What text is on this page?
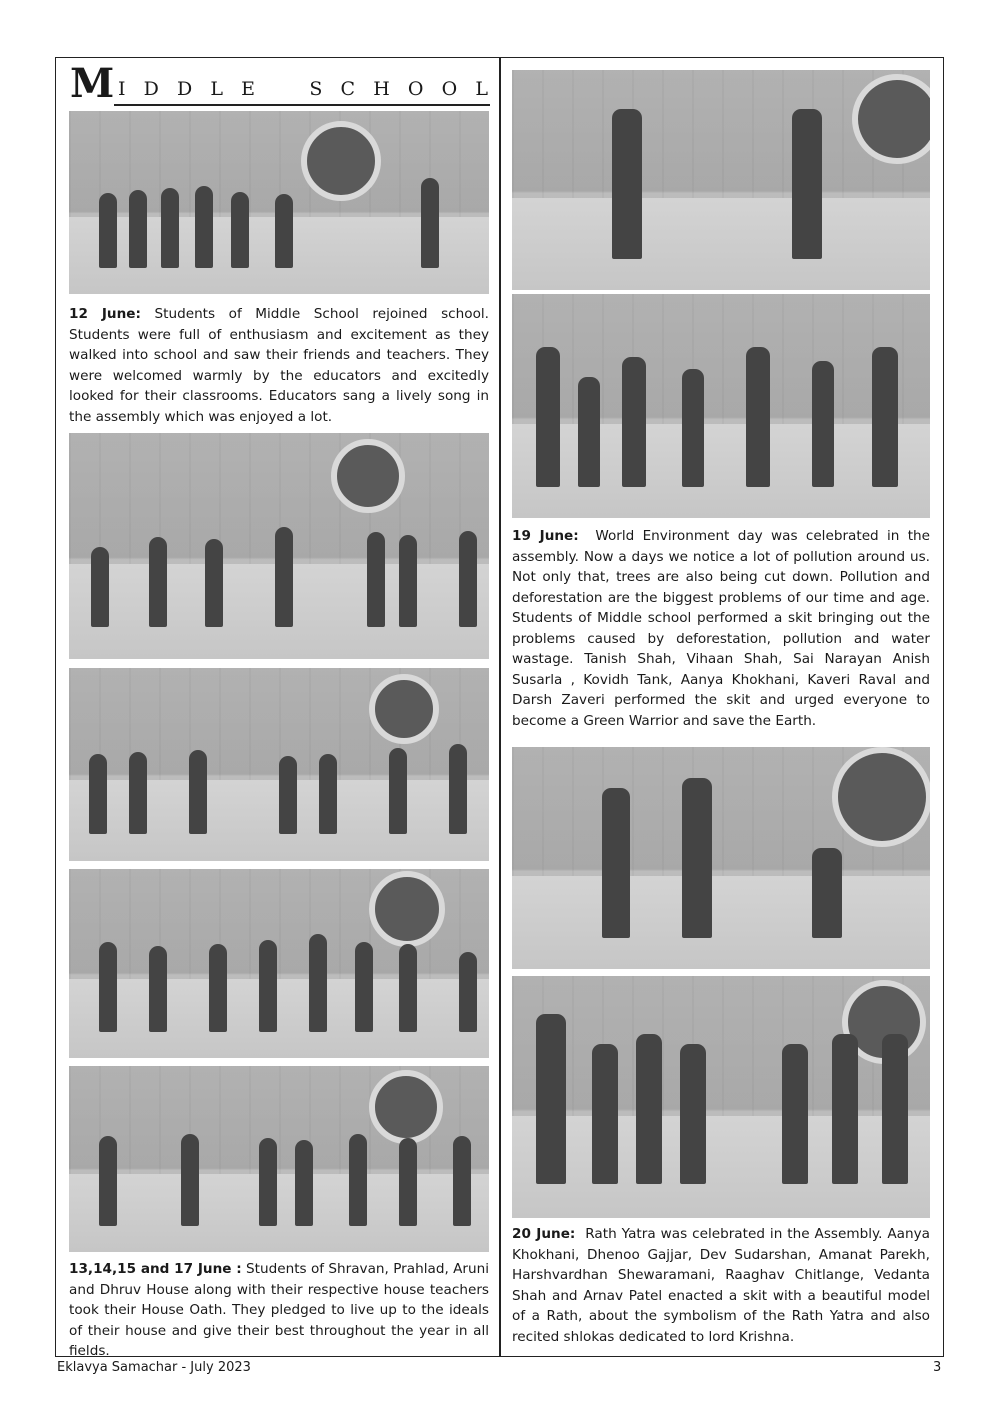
M I D D L E	S C H O O L
12 June: Students of Middle School rejoined school. Students were full of enthusiasm and excitement as they walked into school and saw their friends and teachers. They were welcomed warmly by the educators and excitedly looked for their classrooms. Educators sang a lively song in the assembly which was enjoyed a lot.
13,14,15 and 17 June : Students of Shravan, Prahlad, Aruni and Dhruv House along with their respective house teachers took their House Oath. They pledged to live up to the ideals of their house and give their best throughout the year in all fields.
19 June: World Environment day was celebrated in the assembly. Now a days we notice a lot of pollution around us. Not only that, trees are also being cut down. Pollution and deforestation are the biggest problems of our time and age. Students of Middle school performed a skit bringing out the problems caused by deforestation, pollution and water wastage. Tanish Shah, Vihaan Shah, Sai Narayan Anish Susarla , Kovidh Tank, Aanya Khokhani, Kaveri Raval and Darsh Zaveri performed the skit and urged everyone to become a Green Warrior and save the Earth.
20 June: Rath Yatra was celebrated in the Assembly. Aanya Khokhani, Dhenoo Gajjar, Dev Sudarshan, Amanat Parekh, Harshvardhan Shewaramani, Raaghav Chitlange, Vedanta Shah and Arnav Patel enacted a skit with a beautiful model of a Rath, about the symbolism of the Rath Yatra and also recited shlokas dedicated to lord Krishna.
Eklavya Samachar - July 2023	3
